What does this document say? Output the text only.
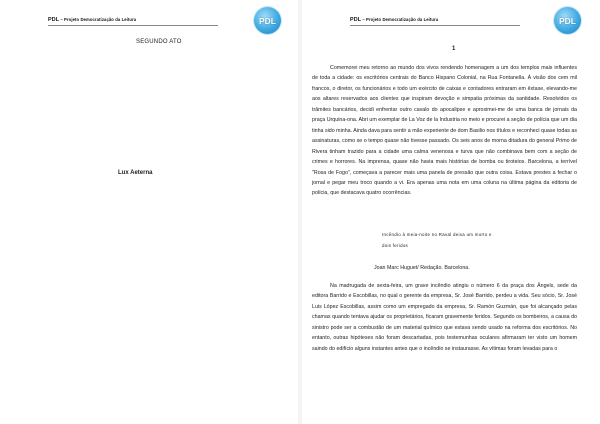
PDL – Projeto Democratização da Leitura	PDL
SEGUNDO ATO
Lux Aeterna
PDL – Projeto Democratização da Leitura	PDL
1
Comemorei meu retorno ao mundo dos vivos rendendo homenagem a um dos templos mais influentes de toda a cidade: os escritórios centrais do Banco Hispano Colonial, na Rua Fontanella. À visão dos cem mil francos, o diretor, os funcionários e todo um exército de caixas e contadores entraram em êxtase, elevando-me aos altares reservados aos clientes que inspiram devoção e simpatia próximas da santidade. Resolvidos os trâmites bancários, decidi enfrentar outro cavalo do apocalipse e aproximei-me de uma banca de jornais da praça Urquina-ona. Abri um exemplar de La Voz de la Industria no meio e procurei a seção de polícia que um dia tinha sido minha. Ainda dava para sentir a mão experiente de dom Basilio nos títulos e reconheci quase todas as assinaturas, como se o tempo quase não tivesse passado. Os seis anos de morna ditadura do general Primo de Rivera tinham trazido para a cidade uma calma venenosa e turva que não combinava bem com a seção de crimes e horrores. Na imprensa, quase não havia mais histórias de bomba ou tiroteios. Barcelona, a terrível "Rosa de Fogo", começava a parecer mais uma panela de pressão que outra coisa. Estava prestes a fechar o jornal e pegar meu troco quando a vi. Era apenas uma nota em uma coluna na última página da editoria de polícia, que destacava quatro ocorrências.
Incêndio à meia-noite no Raval deixa um morto e
dois feridos
Joan Marc Huguet/ Redação. Barcelona.
Na madrugada de sexta-feira, um grave incêndio atingiu o número 6 da praça dos Ângels, sede da editora Barrido e Escobillas, no qual o gerente da empresa, Sr. José Barrido, perdeu a vida. Seu sócio, Sr. José Luis López Escobillas, assim como um empregado da empresa, Sr. Ramón Guzmán, que foi alcançado pelas chamas quando tentava ajudar os proprietários, ficaram gravemente feridos. Segundo os bombeiros, a causa do sinistro pode ser a combustão de um material químico que estava sendo usado na reforma dos escritórios. No entanto, outras hipóteses não foram descartadas, pois testemunhas oculares afirmaram ter visto um homem saindo do edifício alguns instantes antes que o incêndio se instaurasse. As vítimas foram levadas para o
